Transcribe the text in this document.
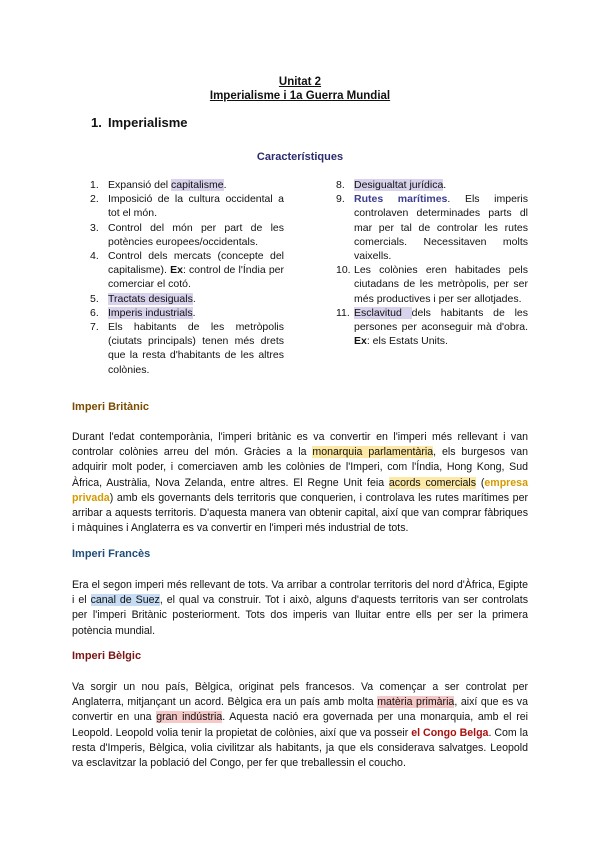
Unitat 2
Imperialisme i 1a Guerra Mundial
1. Imperialisme
Característiques
1. Expansió del capitalisme.
2. Imposició de la cultura occidental a tot el món.
3. Control del món per part de les potències europees/occidentals.
4. Control dels mercats (concepte del capitalisme). Ex: control de l'Índia per comerciar el cotó.
5. Tractats desiguals.
6. Imperis industrials.
7. Els habitants de les metròpolis (ciutats principals) tenen més drets que la resta d'habitants de les altres colònies.
8. Desigualtat jurídica.
9. Rutes marítimes. Els imperis controlaven determinades parts dl mar per tal de controlar les rutes comercials. Necessitaven molts vaixells.
10. Les colònies eren habitades pels ciutadans de les metròpolis, per ser més productives i per ser allotjades.
11. Esclavitud dels habitants de les persones per aconseguir mà d'obra. Ex: els Estats Units.
Imperi Britànic
Durant l'edat contemporània, l'imperi britànic es va convertir en l'imperi més rellevant i van controlar colònies arreu del món. Gràcies a la monarquia parlamentària, els burgesos van adquirir molt poder, i comerciaven amb les colònies de l'Imperi, com l'Índia, Hong Kong, Sud Àfrica, Austràlia, Nova Zelanda, entre altres. El Regne Unit feia acords comercials (empresa privada) amb els governants dels territoris que conquerien, i controlava les rutes marítimes per arribar a aquests territoris. D'aquesta manera van obtenir capital, així que van comprar fàbriques i màquines i Anglaterra es va convertir en l'imperi més industrial de tots.
Imperi Francès
Era el segon imperi més rellevant de tots. Va arribar a controlar territoris del nord d'Àfrica, Egipte i el canal de Suez, el qual va construir. Tot i això, alguns d'aquests territoris van ser controlats per l'imperi Britànic posteriorment. Tots dos imperis van lluitar entre ells per ser la primera potència mundial.
Imperi Bèlgic
Va sorgir un nou país, Bèlgica, originat pels francesos. Va començar a ser controlat per Anglaterra, mitjançant un acord. Bèlgica era un país amb molta matèria primària, així que es va convertir en una gran indústria. Aquesta nació era governada per una monarquia, amb el rei Leopold. Leopold volia tenir la propietat de colònies, així que va posseir el Congo Belga. Com la resta d'Imperis, Bèlgica, volia civilitzar als habitants, ja que els considerava salvatges. Leopold va esclavitzar la població del Congo, per fer que treballessin el coucho.
